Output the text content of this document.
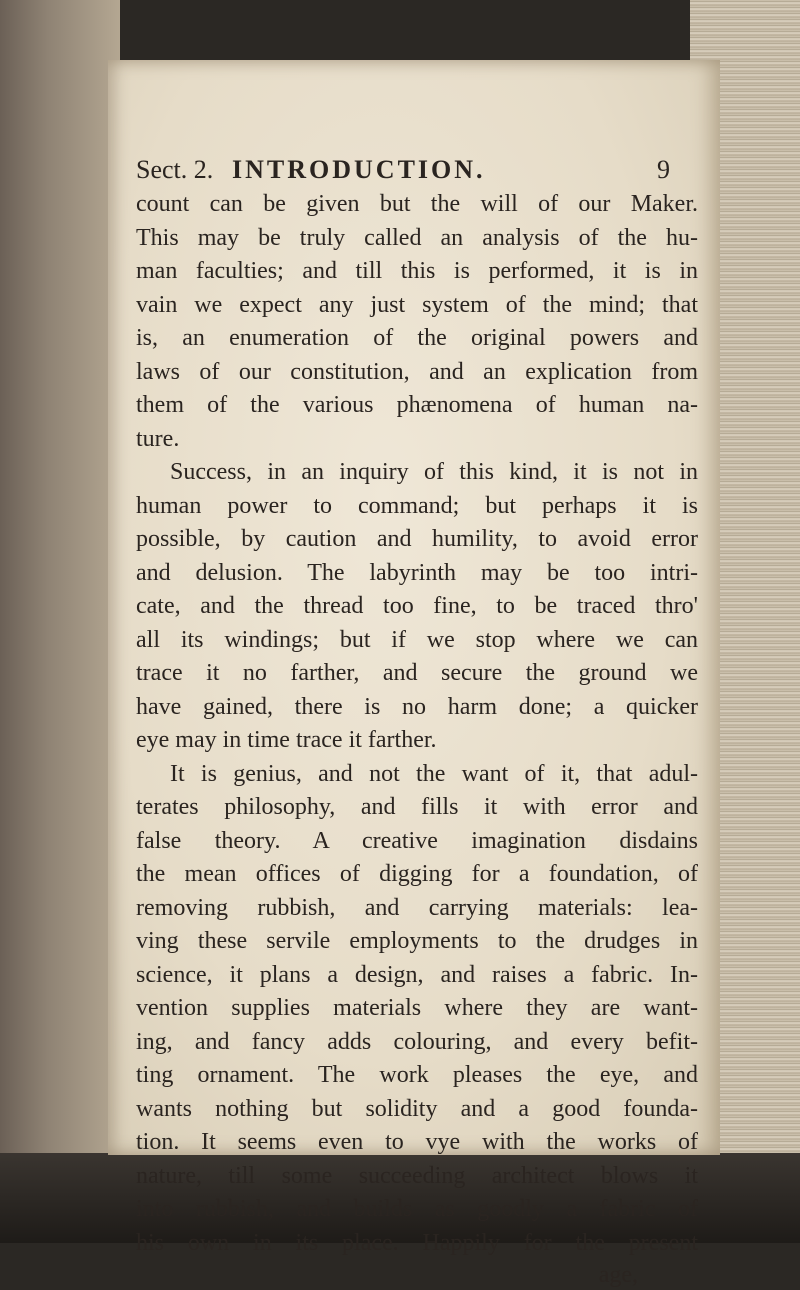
Sect. 2. INTRODUCTION.	9
count can be given but the will of our Maker.
This may be truly called an analysis of the hu-
man faculties; and till this is performed, it is in
vain we expect any just system of the mind; that
is, an enumeration of the original powers and
laws of our constitution, and an explication from
them of the various phænomena of human na-
ture.
Success, in an inquiry of this kind, it is not in
human power to command; but perhaps it is
possible, by caution and humility, to avoid error
and delusion. The labyrinth may be too intri-
cate, and the thread too fine, to be traced thro'
all its windings; but if we stop where we can
trace it no farther, and secure the ground we
have gained, there is no harm done; a quicker
eye may in time trace it farther.
It is genius, and not the want of it, that adul-
terates philosophy, and fills it with error and
false theory. A creative imagination disdains
the mean offices of digging for a foundation, of
removing rubbish, and carrying materials: lea-
ving these servile employments to the drudges in
science, it plans a design, and raises a fabric. In-
vention supplies materials where they are want-
ing, and fancy adds colouring, and every befit-
ting ornament. The work pleases the eye, and
wants nothing but solidity and a good founda-
tion. It seems even to vye with the works of
nature, till some succeeding architect blows it
into rubbish, and builds as goodly a fabric of
his own in its place. Happily for the present
age,
